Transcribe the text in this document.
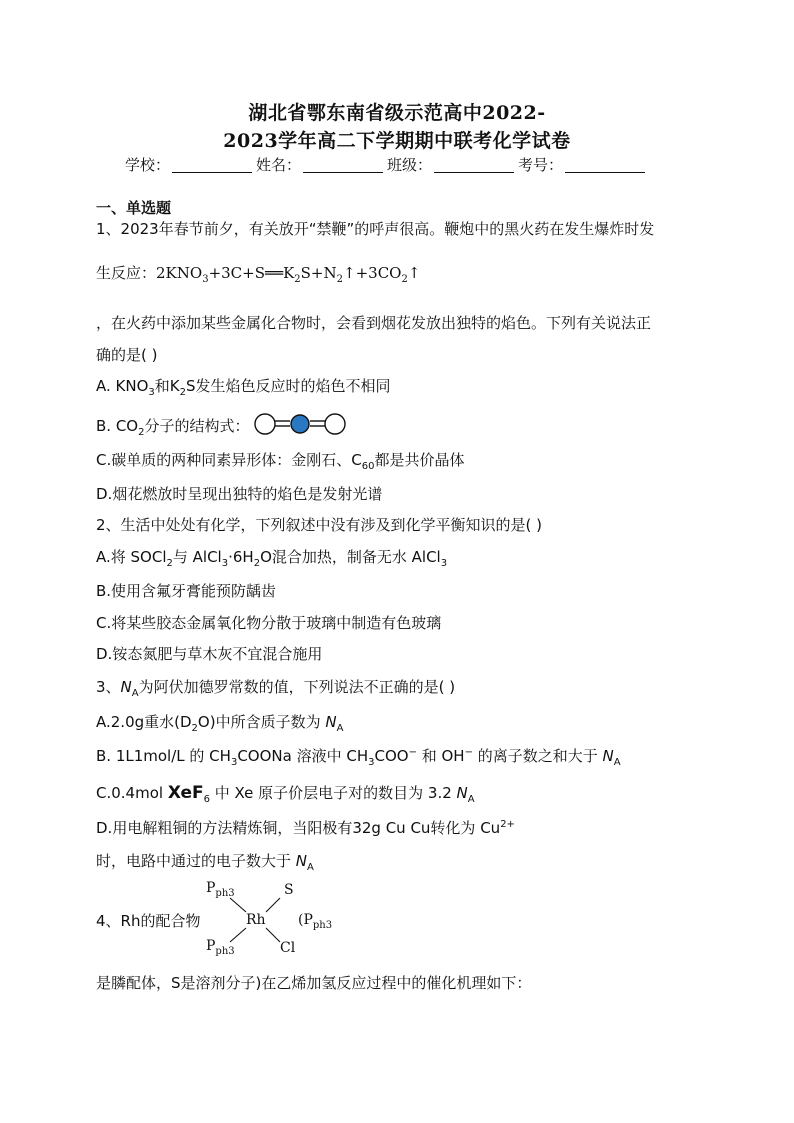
湖北省鄂东南省级示范高中2022-
2023学年高二下学期期中联考化学试卷
学校：	姓名：	班级：	考号：
一、单选题
1、2023年春节前夕，有关放开“禁鞭”的呼声很高。鞭炮中的黑火药在发生爆炸时发
生反应：$2KNO_3+3C+S══K_2S+N_2↑+3CO_2↑$
，在火药中添加某些金属化合物时，会看到烟花发放出独特的焰色。下列有关说法正
确的是( )
A. $KNO_3$和$K_2S$发生焰色反应时的焰色不相同
B. $CO_2$分子的结构式：
C.碳单质的两种同素异形体：金刚石、$C_{60}$都是共价晶体
D.烟花燃放时呈现出独特的焰色是发射光谱
2、生活中处处有化学，下列叙述中没有涉及到化学平衡知识的是( )
A.将 SOCl$_2$与 $AlCl_3\cdot 6H_2O$混合加热，制备无水 AlCl$_3$
B.使用含氟牙膏能预防龋齿
C.将某些胶态金属氧化物分散于玻璃中制造有色玻璃
D.铵态氮肥与草木灰不宜混合施用
3、$N_A$为阿伏加德罗常数的值，下列说法不正确的是( )
A.2.0g重水$(D_2O)$中所含质子数为 $N_A$
B. 1L1mol/L 的 $CH_3COONa$ 溶液中 $CH_3COO^-$ 和 OH− 的离子数之和大于 $N_A$
C.0.4mol XeF$_6$ 中 Xe 原子价层电子对的数目为 3.2 $N_A$
D.用电解粗铜的方法精炼铜，当阳极有32g Cu Cu转化为 $Cu^{2+}$
时，电路中通过的电子数大于 $N_A$
4、Rh的配合物
$P_{ph3}$	S
Rh
$P_{ph3}$	Cl
($P_{ph3}$
是膦配体，S是溶剂分子)在乙烯加氢反应过程中的催化机理如下：
